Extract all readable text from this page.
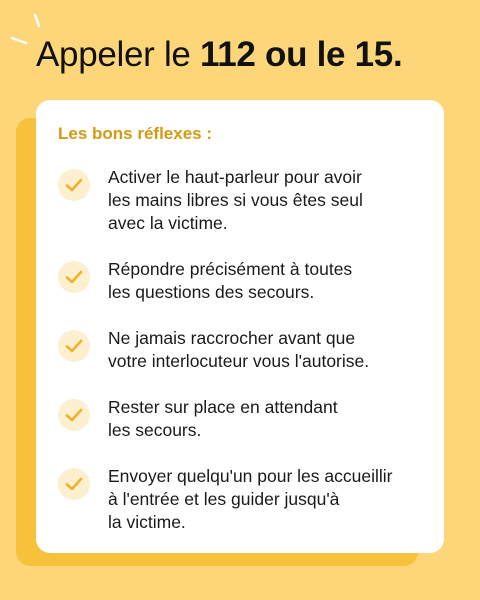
Appeler le 112 ou le 15.
Les bons réflexes :

Activer le haut-parleur pour avoir
les mains libres si vous êtes seul
avec la victime.

Répondre précisément à toutes
les questions des secours.

Ne jamais raccrocher avant que
votre interlocuteur vous l'autorise.

Rester sur place en attendant
les secours.

Envoyer quelqu'un pour les accueillir
à l'entrée et les guider jusqu'à
la victime.
